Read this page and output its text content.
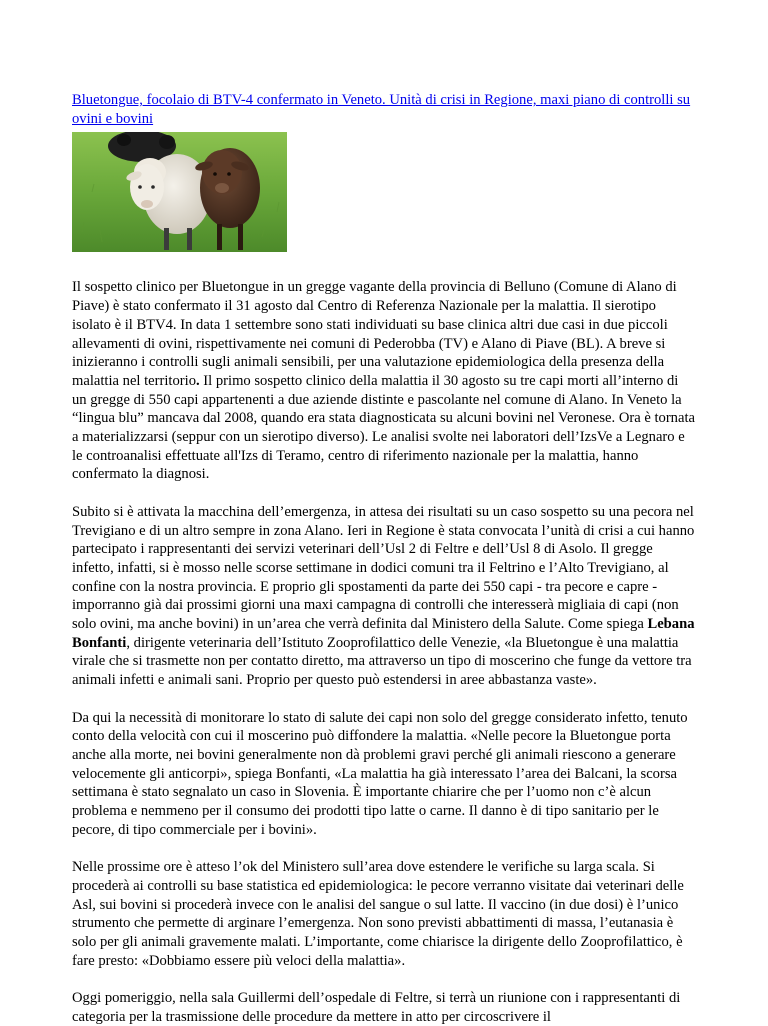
Bluetongue, focolaio di BTV-4 confermato in Veneto. Unità di crisi in Regione, maxi piano di controlli su ovini e bovini

Il sospetto clinico per Bluetongue in un gregge vagante della provincia di Belluno (Comune di Alano di Piave) è stato confermato il 31 agosto dal Centro di Referenza Nazionale per la malattia. Il sierotipo isolato è il BTV4. In data 1 settembre sono stati individuati su base clinica altri due casi in due piccoli allevamenti di ovini, rispettivamente nei comuni di Pederobba (TV) e Alano di Piave (BL). A breve si inizieranno i controlli sugli animali sensibili, per una valutazione epidemiologica della presenza della malattia nel territorio. Il primo sospetto clinico della malattia il 30 agosto su tre capi morti all’interno di un gregge di 550 capi appartenenti a due aziende distinte e pascolante nel comune di Alano. In Veneto la “lingua blu” mancava dal 2008, quando era stata diagnosticata su alcuni bovini nel Veronese. Ora è tornata a materializzarsi (seppur con un sierotipo diverso). Le analisi svolte nei laboratori dell’IzsVe a Legnaro e le controanalisi effettuate all'Izs di Teramo, centro di riferimento nazionale per la malattia, hanno confermato la diagnosi.

Subito si è attivata la macchina dell’emergenza, in attesa dei risultati su un caso sospetto su una pecora nel Trevigiano e di un altro sempre in zona Alano. Ieri in Regione è stata convocata l’unità di crisi a cui hanno partecipato i rappresentanti dei servizi veterinari dell’Usl 2 di Feltre e dell’Usl 8 di Asolo. Il gregge infetto, infatti, si è mosso nelle scorse settimane in dodici comuni tra il Feltrino e l’Alto Trevigiano, al confine con la nostra provincia. E proprio gli spostamenti da parte dei 550 capi - tra pecore e capre - imporranno già dai prossimi giorni una maxi campagna di controlli che interesserà migliaia di capi (non solo ovini, ma anche bovini) in un’area che verrà definita dal Ministero della Salute. Come spiega Lebana Bonfanti, dirigente veterinaria dell’Istituto Zooprofilattico delle Venezie, «la Bluetongue è una malattia virale che si trasmette non per contatto diretto, ma attraverso un tipo di moscerino che funge da vettore tra animali infetti e animali sani. Proprio per questo può estendersi in aree abbastanza vaste».

Da qui la necessità di monitorare lo stato di salute dei capi non solo del gregge considerato infetto, tenuto conto della velocità con cui il moscerino può diffondere la malattia. «Nelle pecore la Bluetongue porta anche alla morte, nei bovini generalmente non dà problemi gravi perché gli animali riescono a generare velocemente gli anticorpi», spiega Bonfanti, «La malattia ha già interessato l’area dei Balcani, la scorsa settimana è stato segnalato un caso in Slovenia. È importante chiarire che per l’uomo non c’è alcun problema e nemmeno per il consumo dei prodotti tipo latte o carne. Il danno è di tipo sanitario per le pecore, di tipo commerciale per i bovini».

Nelle prossime ore è atteso l’ok del Ministero sull’area dove estendere le verifiche su larga scala. Si procederà ai controlli su base statistica ed epidemiologica: le pecore verranno visitate dai veterinari delle Asl, sui bovini si procederà invece con le analisi del sangue o sul latte. Il vaccino (in due dosi) è l’unico strumento che permette di arginare l’emergenza. Non sono previsti abbattimenti di massa, l’eutanasia è solo per gli animali gravemente malati. L’importante, come chiarisce la dirigente dello Zooprofilattico, è fare presto: «Dobbiamo essere più veloci della malattia».

Oggi pomeriggio, nella sala Guillermi dell’ospedale di Feltre, si terrà un riunione con i rappresentanti di categoria per la trasmissione delle procedure da mettere in atto per circoscrivere il
